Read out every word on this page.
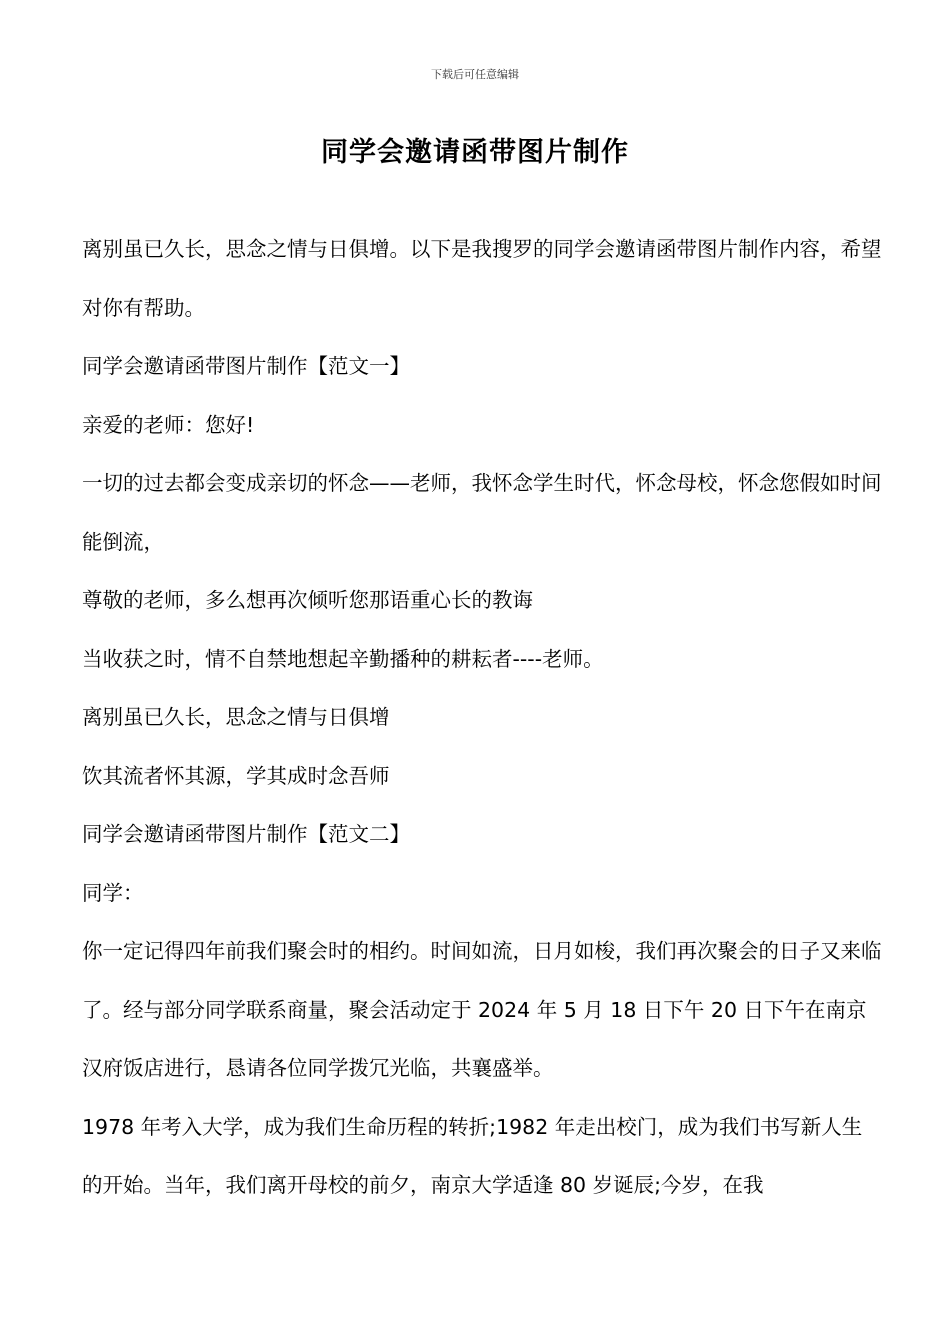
下载后可任意编辑
同学会邀请函带图片制作

离别虽已久长，思念之情与日俱增。以下是我搜罗的同学会邀请函带图片制作内容，希望对你有帮助。

同学会邀请函带图片制作【范文一】

亲爱的老师：您好!

一切的过去都会变成亲切的怀念——老师，我怀念学生时代，怀念母校，怀念您假如时间能倒流，

尊敬的老师，多么想再次倾听您那语重心长的教诲

当收获之时，情不自禁地想起辛勤播种的耕耘者----老师。

离别虽已久长，思念之情与日俱增

饮其流者怀其源，学其成时念吾师

同学会邀请函带图片制作【范文二】

同学：

你一定记得四年前我们聚会时的相约。时间如流，日月如梭，我们再次聚会的日子又来临了。经与部分同学联系商量，聚会活动定于 2024 年 5 月 18 日下午 20 日下午在南京汉府饭店进行，恳请各位同学拨冗光临，共襄盛举。

1978 年考入大学，成为我们生命历程的转折;1982 年走出校门，成为我们书写新人生的开始。当年，我们离开母校的前夕，南京大学适逢 80 岁诞辰;今岁，在我
